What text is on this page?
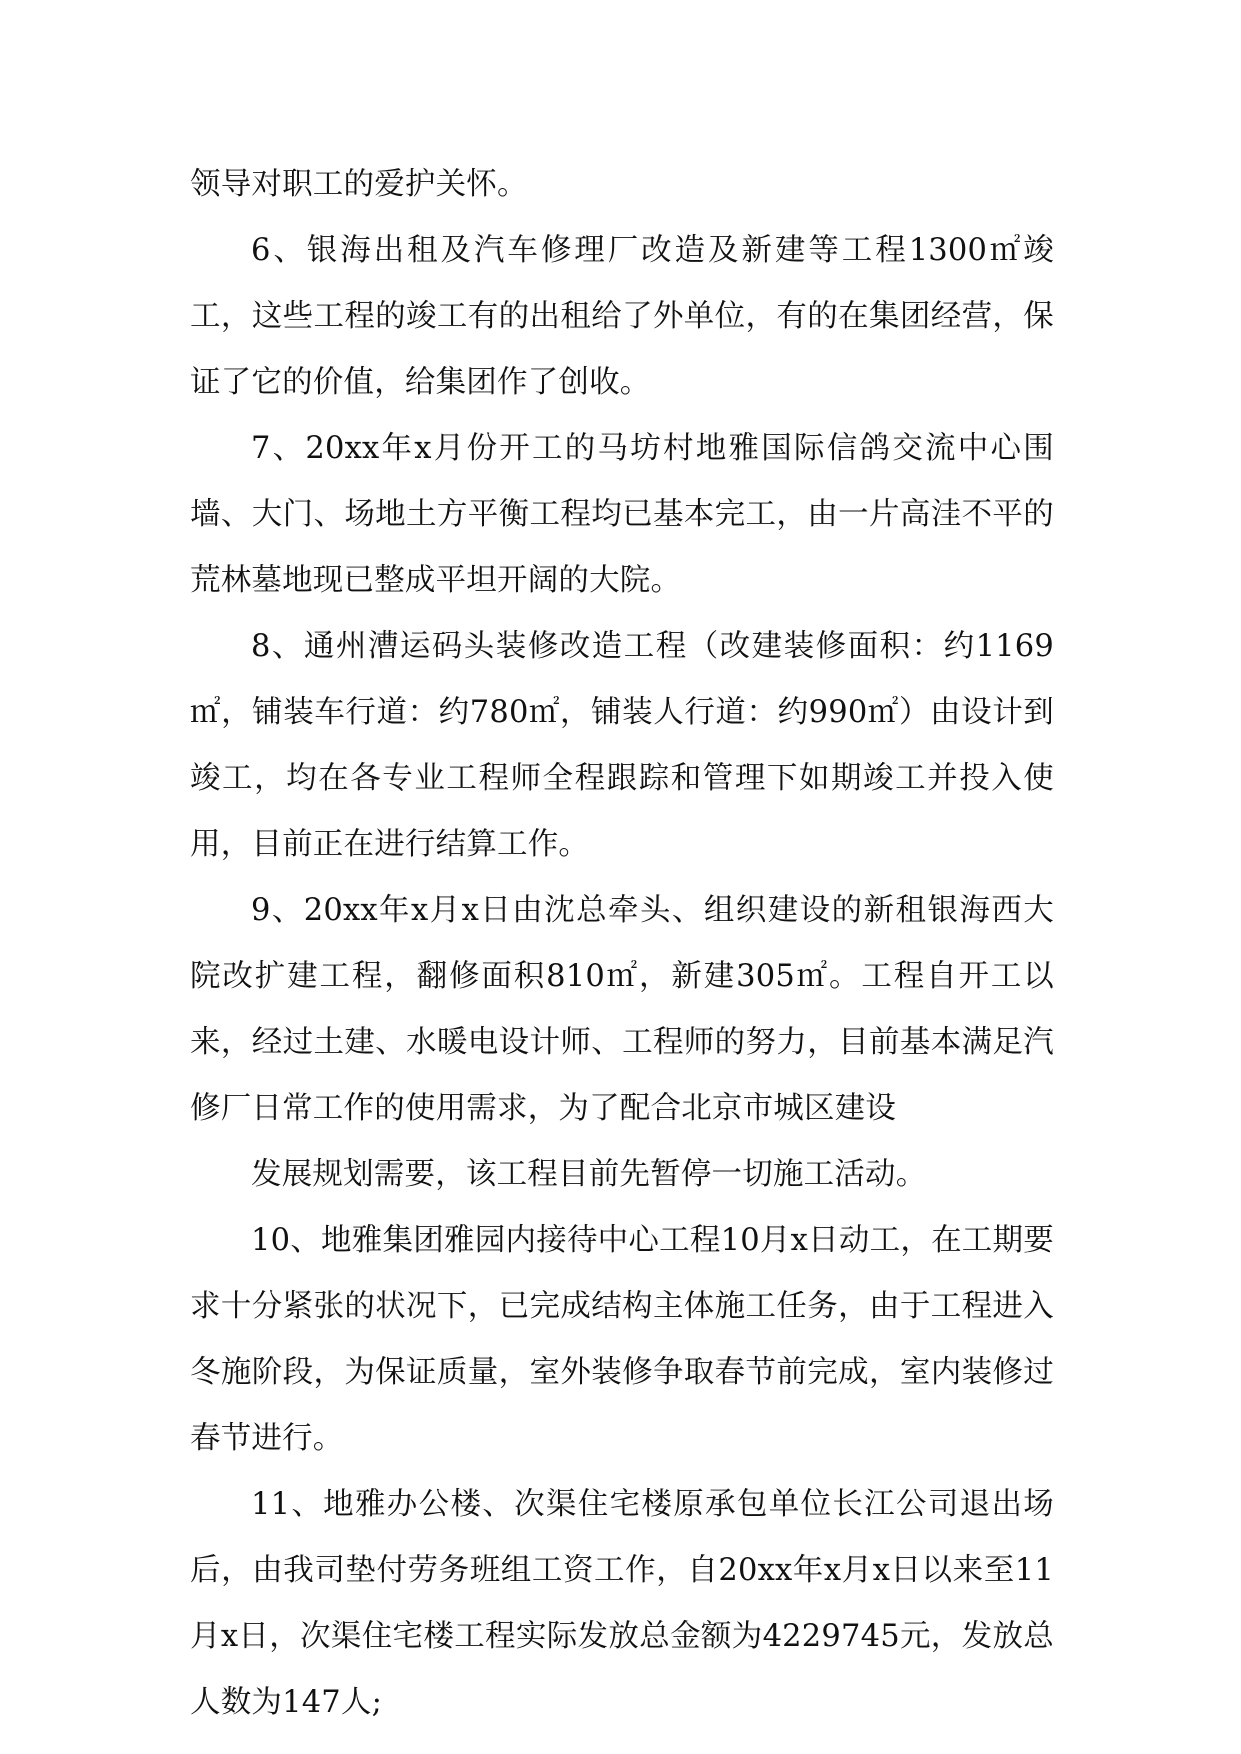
领导对职工的爱护关怀。

6、银海出租及汽车修理厂改造及新建等工程1300㎡竣工，这些工程的竣工有的出租给了外单位，有的在集团经营，保证了它的价值，给集团作了创收。

7、20xx年x月份开工的马坊村地雅国际信鸽交流中心围墙、大门、场地土方平衡工程均已基本完工，由一片高洼不平的荒林墓地现已整成平坦开阔的大院。

8、通州漕运码头装修改造工程（改建装修面积：约1169㎡，铺装车行道：约780㎡，铺装人行道：约990㎡）由设计到竣工，均在各专业工程师全程跟踪和管理下如期竣工并投入使用，目前正在进行结算工作。

9、20xx年x月x日由沈总牵头、组织建设的新租银海西大院改扩建工程，翻修面积810㎡，新建305㎡。工程自开工以来，经过土建、水暖电设计师、工程师的努力，目前基本满足汽修厂日常工作的使用需求，为了配合北京市城区建设

发展规划需要，该工程目前先暂停一切施工活动。

10、地雅集团雅园内接待中心工程10月x日动工，在工期要求十分紧张的状况下，已完成结构主体施工任务，由于工程进入冬施阶段，为保证质量，室外装修争取春节前完成，室内装修过春节进行。

11、地雅办公楼、次渠住宅楼原承包单位长江公司退出场后，由我司垫付劳务班组工资工作，自20xx年x月x日以来至11月x日，次渠住宅楼工程实际发放总金额为4229745元，发放总人数为147人;
